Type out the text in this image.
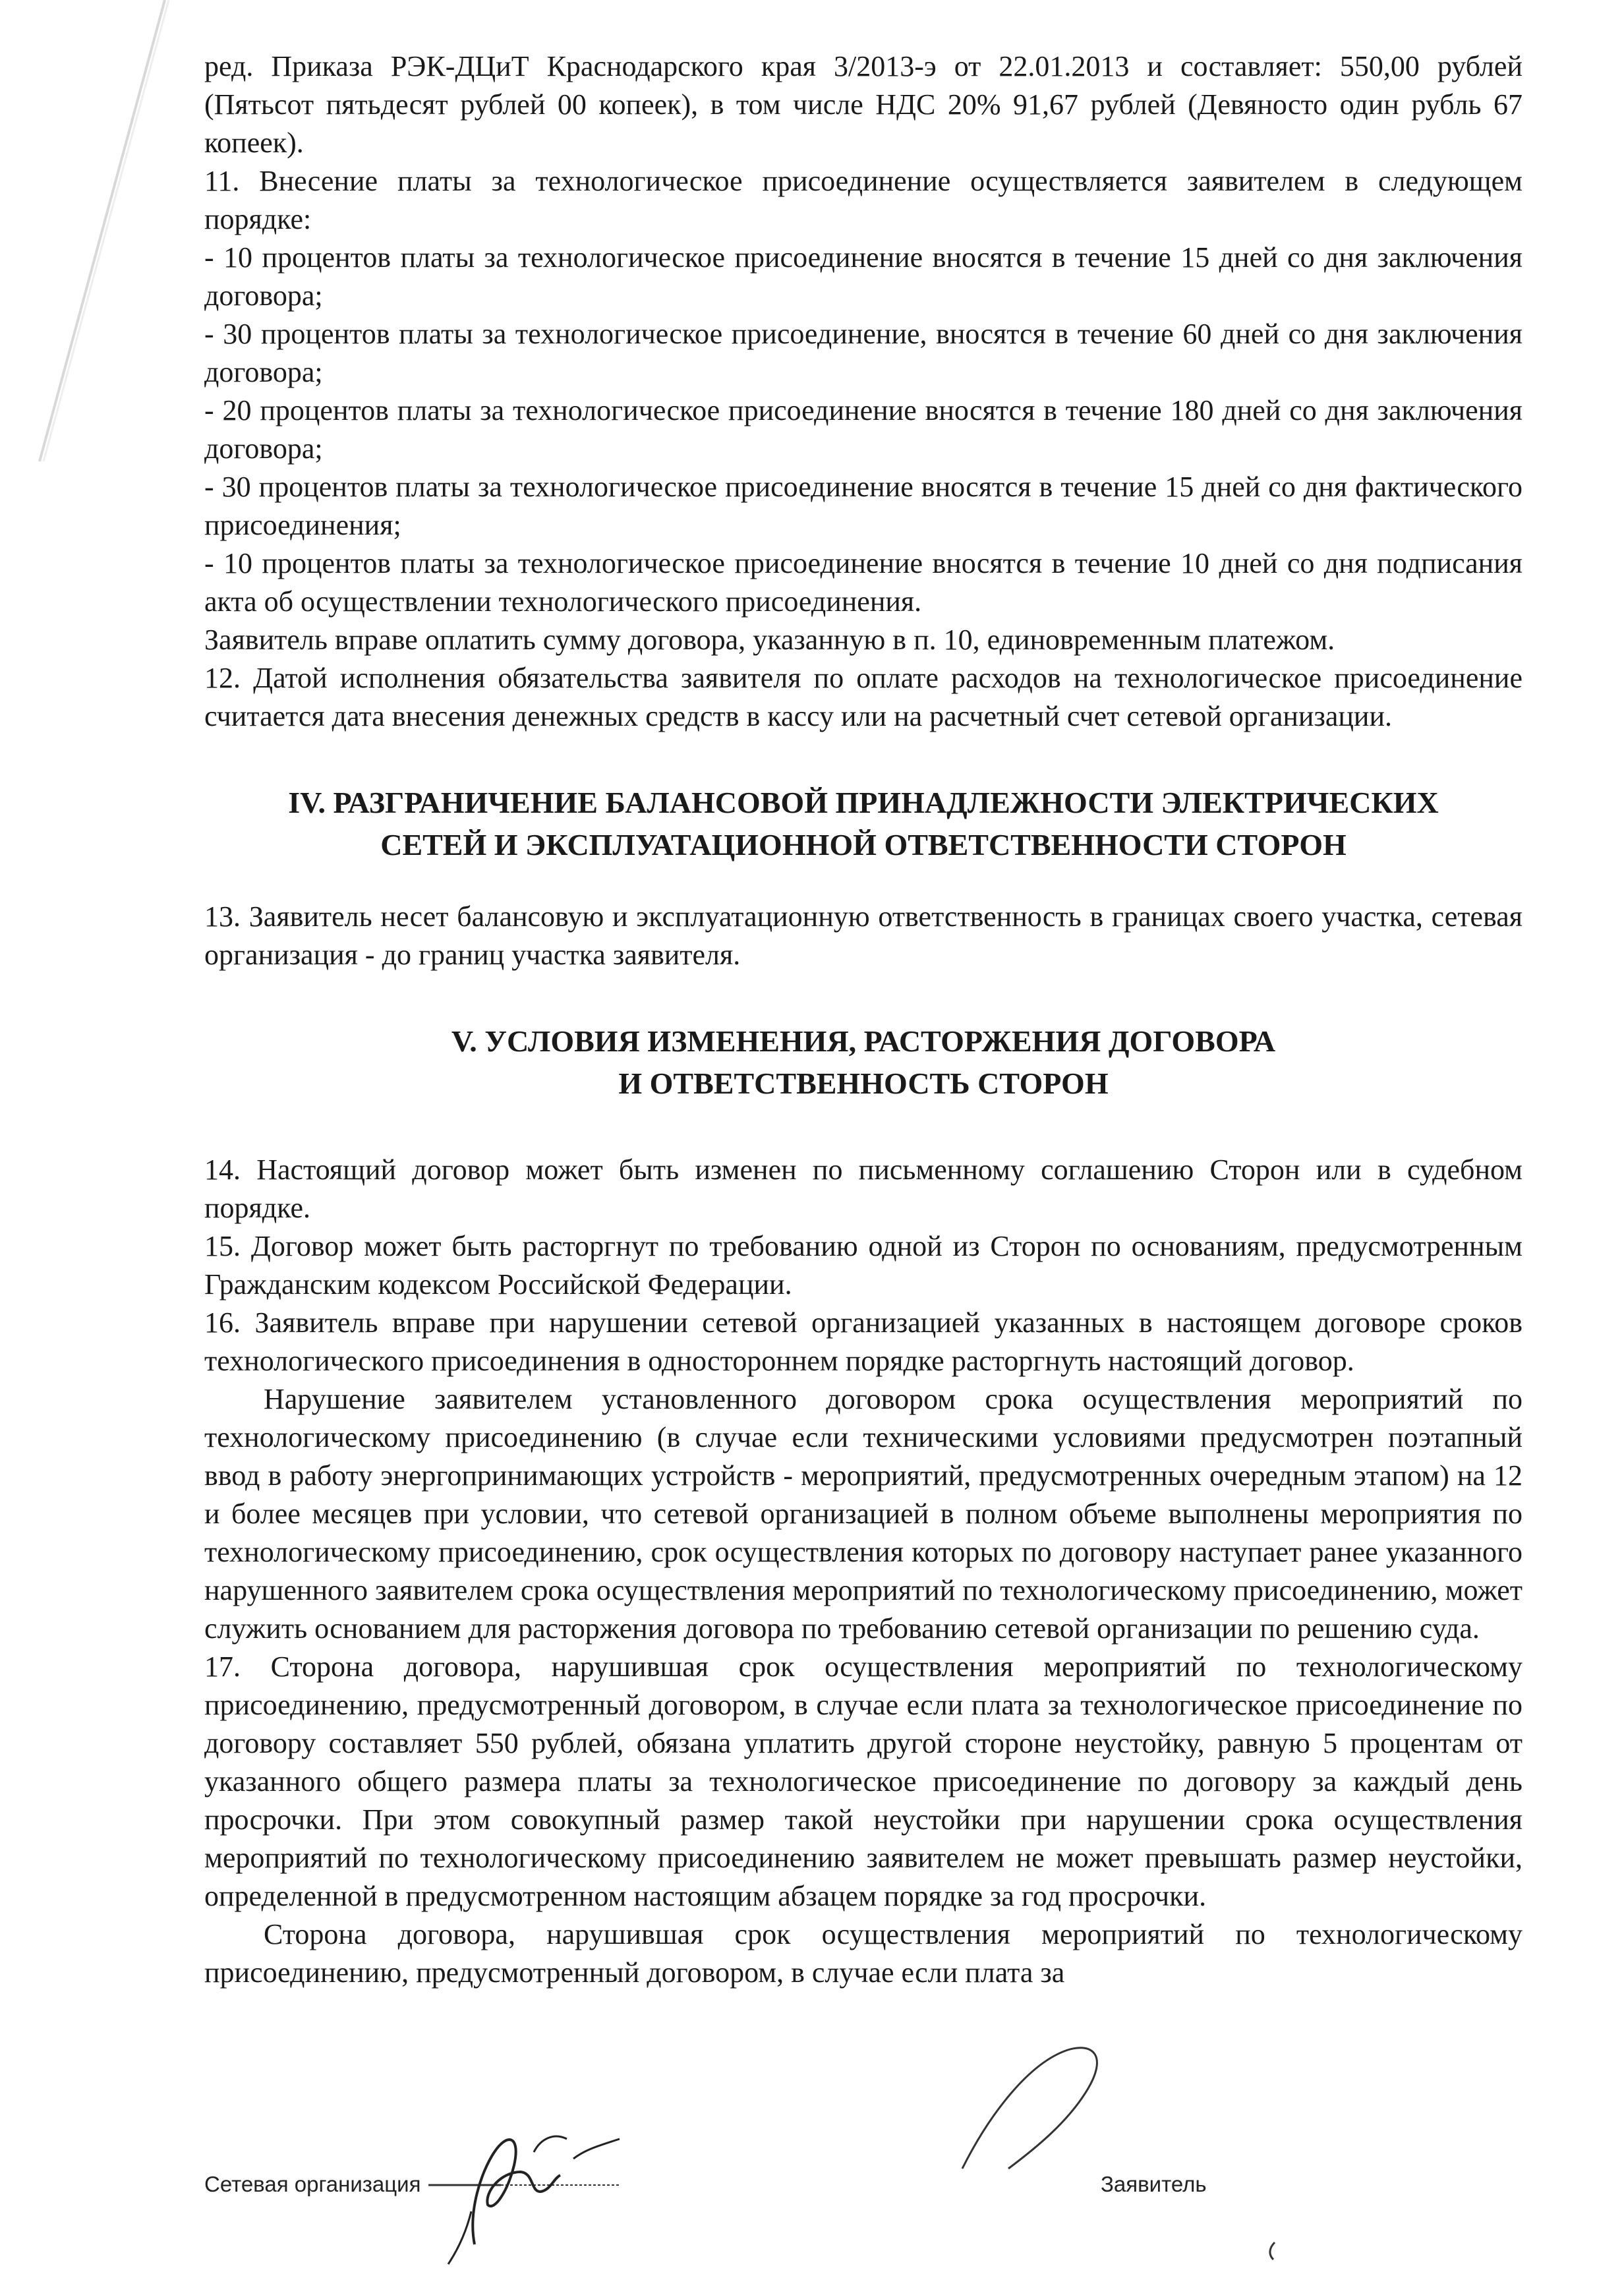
ред. Приказа РЭК-ДЦиТ Краснодарского края 3/2013-э от 22.01.2013 и составляет: 550,00 рублей (Пятьсот пятьдесят рублей 00 копеек), в том числе НДС 20% 91,67 рублей (Девяносто один рубль 67 копеек).

11. Внесение платы за технологическое присоединение осуществляется заявителем в следующем порядке:

- 10 процентов платы за технологическое присоединение вносятся в течение 15 дней со дня заключения договора;

- 30 процентов платы за технологическое присоединение, вносятся в течение 60 дней со дня заключения договора;

- 20 процентов платы за технологическое присоединение вносятся в течение 180 дней со дня заключения договора;

- 30 процентов платы за технологическое присоединение вносятся в течение 15 дней со дня фактического присоединения;

- 10 процентов платы за технологическое присоединение вносятся в течение 10 дней со дня подписания акта об осуществлении технологического присоединения.

Заявитель вправе оплатить сумму договора, указанную в п. 10, единовременным платежом.

12. Датой исполнения обязательства заявителя по оплате расходов на технологическое присоединение считается дата внесения денежных средств в кассу или на расчетный счет сетевой организации.

IV. РАЗГРАНИЧЕНИЕ БАЛАНСОВОЙ ПРИНАДЛЕЖНОСТИ ЭЛЕКТРИЧЕСКИХ

СЕТЕЙ И ЭКСПЛУАТАЦИОННОЙ ОТВЕТСТВЕННОСТИ СТОРОН

13. Заявитель несет балансовую и эксплуатационную ответственность в границах своего участка, сетевая организация - до границ участка заявителя.

V. УСЛОВИЯ ИЗМЕНЕНИЯ, РАСТОРЖЕНИЯ ДОГОВОРА

И ОТВЕТСТВЕННОСТЬ СТОРОН

14. Настоящий договор может быть изменен по письменному соглашению Сторон или в судебном порядке.

15. Договор может быть расторгнут по требованию одной из Сторон по основаниям, предусмотренным Гражданским кодексом Российской Федерации.

16. Заявитель вправе при нарушении сетевой организацией указанных в настоящем договоре сроков технологического присоединения в одностороннем порядке расторгнуть настоящий договор.

Нарушение заявителем установленного договором срока осуществления мероприятий по технологическому присоединению (в случае если техническими условиями предусмотрен поэтапный ввод в работу энергопринимающих устройств - мероприятий, предусмотренных очередным этапом) на 12 и более месяцев при условии, что сетевой организацией в полном объеме выполнены мероприятия по технологическому присоединению, срок осуществления которых по договору наступает ранее указанного нарушенного заявителем срока осуществления мероприятий по технологическому присоединению, может служить основанием для расторжения договора по требованию сетевой организации по решению суда.

17. Сторона договора, нарушившая срок осуществления мероприятий по технологическому присоединению, предусмотренный договором, в случае если плата за технологическое присоединение по договору составляет 550 рублей, обязана уплатить другой стороне неустойку, равную 5 процентам от указанного общего размера платы за технологическое присоединение по договору за каждый день просрочки. При этом совокупный размер такой неустойки при нарушении срока осуществления мероприятий по технологическому присоединению заявителем не может превышать размер неустойки, определенной в предусмотренном настоящим абзацем порядке за год просрочки.

Сторона договора, нарушившая срок осуществления мероприятий по технологическому присоединению, предусмотренный договором, в случае если плата за

Сетевая организация	Заявитель
